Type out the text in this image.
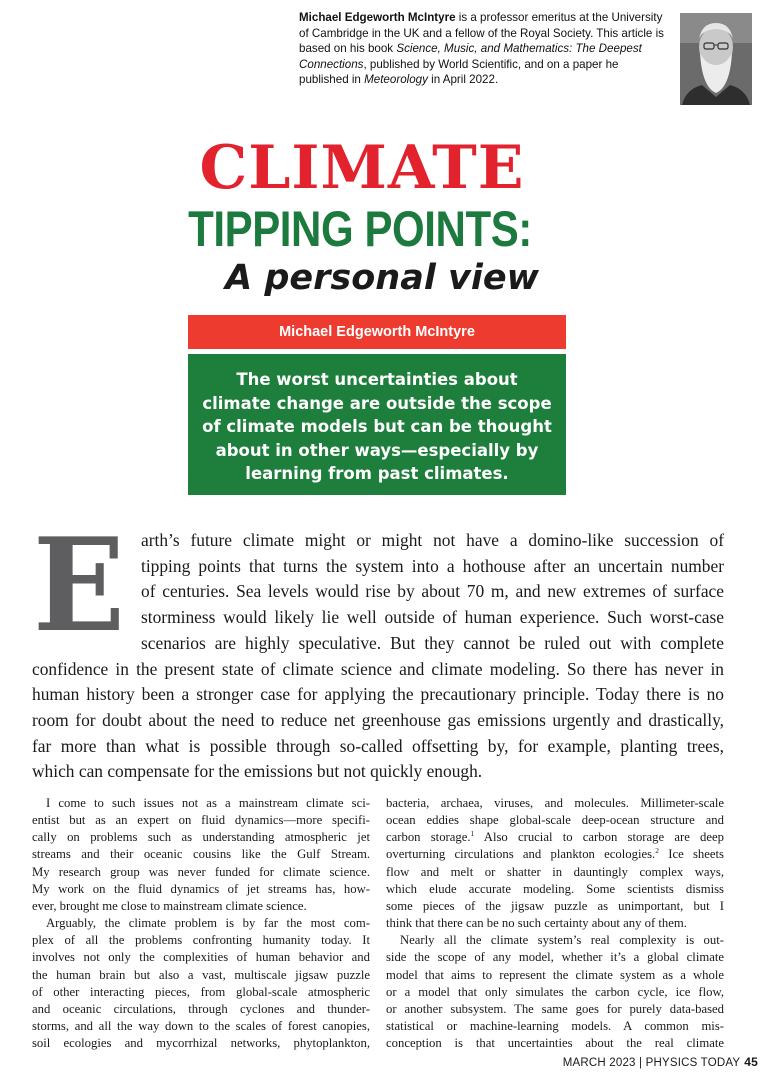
Michael Edgeworth McIntyre is a professor emeritus at the University of Cambridge in the UK and a fellow of the Royal Society. This article is based on his book Science, Music, and Mathematics: The Deepest Connections, published by World Scientific, and on a paper he published in Meteorology in April 2022.
CLIMATE
TIPPING POINTS:
A personal view
Michael Edgeworth McIntyre
The worst uncertainties about climate change are outside the scope of climate models but can be thought about in other ways—especially by learning from past climates.
E arth’s future climate might or might not have a domino-like succession of
tipping points that turns the system into a hothouse after an uncertain number
of centuries. Sea levels would rise by about 70 m, and new extremes of surface
storminess would likely lie well outside of human experience. Such worst-case
scenarios are highly speculative. But they cannot be ruled out with complete
confidence in the present state of climate science and climate modeling. So there has never in
human history been a stronger case for applying the precautionary principle. Today there is no
room for doubt about the need to reduce net greenhouse gas emissions urgently and drastically,
far more than what is possible through so-called offsetting by, for example, planting trees,
which can compensate for the emissions but not quickly enough.
I come to such issues not as a mainstream climate sci-
entist but as an expert on fluid dynamics—more specifi-
cally on problems such as understanding atmospheric jet
streams and their oceanic cousins like the Gulf Stream.
My research group was never funded for climate science.
My work on the fluid dynamics of jet streams has, how-
ever, brought me close to mainstream climate science.
Arguably, the climate problem is by far the most com-
plex of all the problems confronting humanity today. It
involves not only the complexities of human behavior and
the human brain but also a vast, multiscale jigsaw puzzle
of other interacting pieces, from global-scale atmospheric
and oceanic circulations, through cyclones and thunder-
storms, and all the way down to the scales of forest canopies,
soil ecologies and mycorrhizal networks, phytoplankton,
bacteria, archaea, viruses, and molecules. Millimeter-scale
ocean eddies shape global-scale deep-ocean structure and
carbon storage.$^1$ Also crucial to carbon storage are deep
overturning circulations and plankton ecologies.$^2$ Ice sheets
flow and melt or shatter in dauntingly complex ways,
which elude accurate modeling. Some scientists dismiss
some pieces of the jigsaw puzzle as unimportant, but I
think that there can be no such certainty about any of them.
Nearly all the climate system’s real complexity is out-
side the scope of any model, whether it’s a global climate
model that aims to represent the climate system as a whole
or a model that only simulates the carbon cycle, ice flow,
or another subsystem. The same goes for purely data-based
statistical or machine-learning models. A common mis-
conception is that uncertainties about the real climate
MARCH 2023 | PHYSICS TODAY 45
